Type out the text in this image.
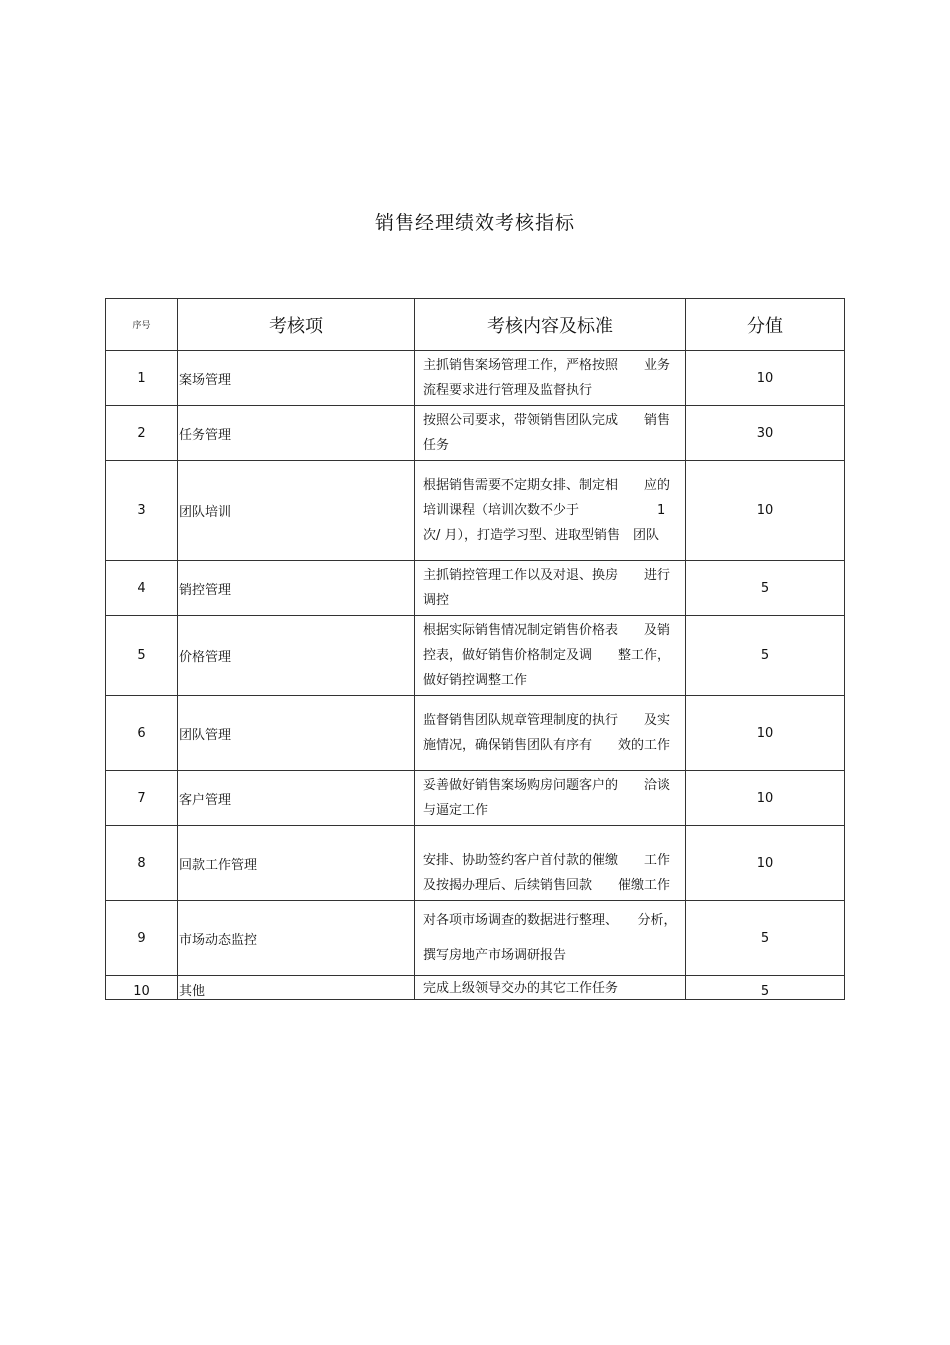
销售经理绩效考核指标
序号	考核项	考核内容及标准	分值
1	案场管理	主抓销售案场管理工作，严格按照　　业务
流程要求进行管理及监督执行	10
2	任务管理	按照公司要求，带领销售团队完成　　销售
任务	30
3	团队培训	根据销售需要不定期女排、制定相　　应的
培训课程（培训次数不少于　　　　　　1
次/ 月），打造学习型、进取型销售　团队	10
4	销控管理	主抓销控管理工作以及对退、换房　　进行
调控	5
5	价格管理	根据实际销售情况制定销售价格表　　及销
控表，做好销售价格制定及调　　整工作，
做好销控调整工作	5
6	团队管理	监督销售团队规章管理制度的执行　　及实
施情况，确保销售团队有序有　　效的工作	10
7	客户管理	妥善做好销售案场购房问题客户的　　洽谈
与逼定工作	10
8	回款工作管理	安排、协助签约客户首付款的催缴　　工作
及按揭办理后、后续销售回款　　催缴工作	10
9	市场动态监控	对各项市场调查的数据进行整理、　　分析，
撰写房地产市场调研报告	5
10	其他	完成上级领导交办的其它工作任务	5
